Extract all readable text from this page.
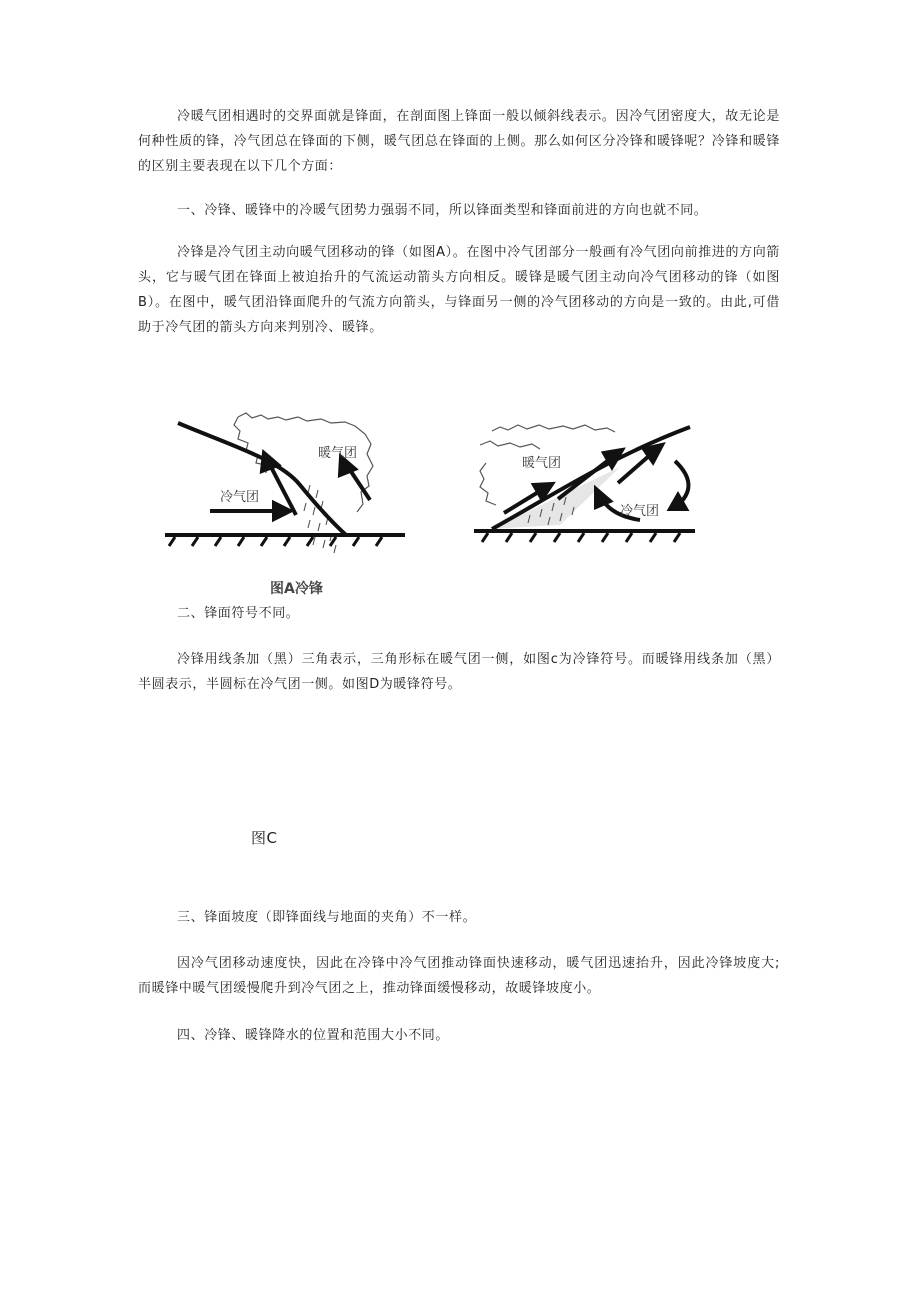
冷暖气团相遇时的交界面就是锋面，在剖面图上锋面一般以倾斜线表示。因冷气团密度大，故无论是何种性质的锋，冷气团总在锋面的下侧，暖气团总在锋面的上侧。那么如何区分冷锋和暖锋呢？冷锋和暖锋的区别主要表现在以下几个方面：

一、冷锋、暖锋中的冷暖气团势力强弱不同，所以锋面类型和锋面前进的方向也就不同。

冷锋是冷气团主动向暖气团移动的锋（如图A）。在图中冷气团部分一般画有冷气团向前推进的方向箭头，它与暖气团在锋面上被迫抬升的气流运动箭头方向相反。暖锋是暖气团主动向冷气团移动的锋（如图B）。在图中，暖气团沿锋面爬升的气流方向箭头，与锋面另一侧的冷气团移动的方向是一致的。由此,可借助于冷气团的箭头方向来判别冷、暖锋。

暖气团
冷气团
图A冷锋
暖气团
冷气团

二、锋面符号不同。

冷锋用线条加（黑）三角表示，三角形标在暖气团一侧，如图c为冷锋符号。而暖锋用线条加（黑）半圆表示，半圆标在冷气团一侧。如图D为暖锋符号。

图C

三、锋面坡度（即锋面线与地面的夹角）不一样。

因冷气团移动速度快，因此在冷锋中冷气团推动锋面快速移动，暖气团迅速抬升，因此冷锋坡度大;而暖锋中暖气团缓慢爬升到冷气团之上，推动锋面缓慢移动，故暖锋坡度小。

四、冷锋、暖锋降水的位置和范围大小不同。
